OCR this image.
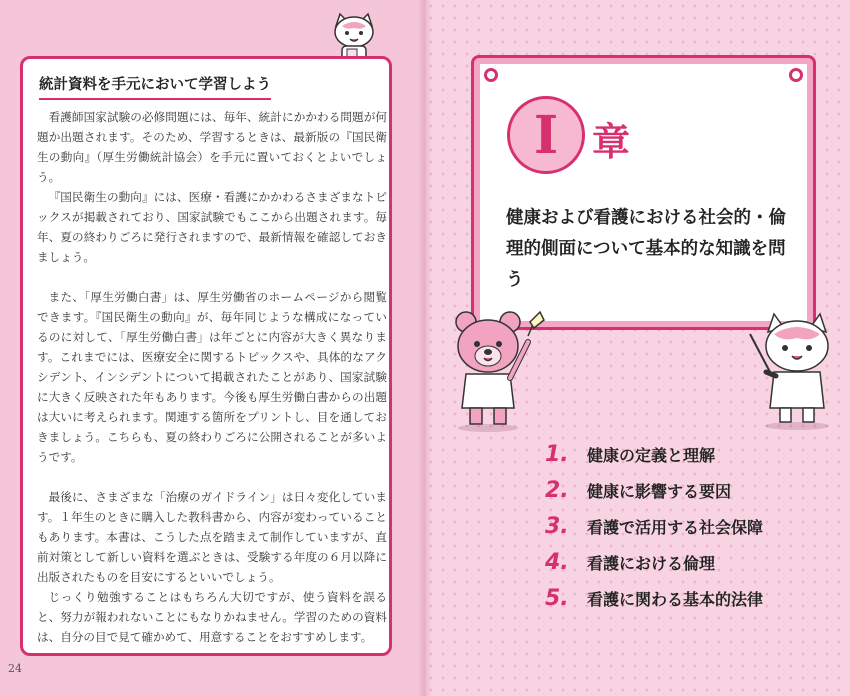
統計資料を手元において学習しよう

看護師国家試験の必修問題には、毎年、統計にかかわる問題が何題か出題されます。そのため、学習するときは、最新版の『国民衛生の動向』（厚生労働統計協会）を手元に置いておくとよいでしょう。

『国民衛生の動向』には、医療・看護にかかわるさまざまなトピックスが掲載されており、国家試験でもここから出題されます。毎年、夏の終わりごろに発行されますので、最新情報を確認しておきましょう。

また、「厚生労働白書」は、厚生労働省のホームページから閲覧できます。『国民衛生の動向』が、毎年同じような構成になっているのに対して、「厚生労働白書」は年ごとに内容が大きく異なります。これまでには、医療安全に関するトピックスや、具体的なアクシデント、インシデントについて掲載されたことがあり、国家試験に大きく反映された年もあります。今後も厚生労働白書からの出題は大いに考えられます。関連する箇所をプリントし、目を通しておきましょう。こちらも、夏の終わりごろに公開されることが多いようです。

最後に、さまざまな「治療のガイドライン」は日々変化しています。１年生のときに購入した教科書から、内容が変わっていることもあります。本書は、こうした点を踏まえて制作していますが、直前対策として新しい資料を選ぶときは、受験する年度の６月以降に出版されたものを目安にするといいでしょう。

じっくり勉強することはもちろん大切ですが、使う資料を誤ると、努力が報われないことにもなりかねません。学習のための資料は、自分の目で見て確かめて、用意することをおすすめします。

24
I 章
健康および看護における社会的・倫理的側面について基本的な知識を問う
1.	健康の定義と理解
2.	健康に影響する要因
3.	看護で活用する社会保障
4.	看護における倫理
5.	看護に関わる基本的法律
